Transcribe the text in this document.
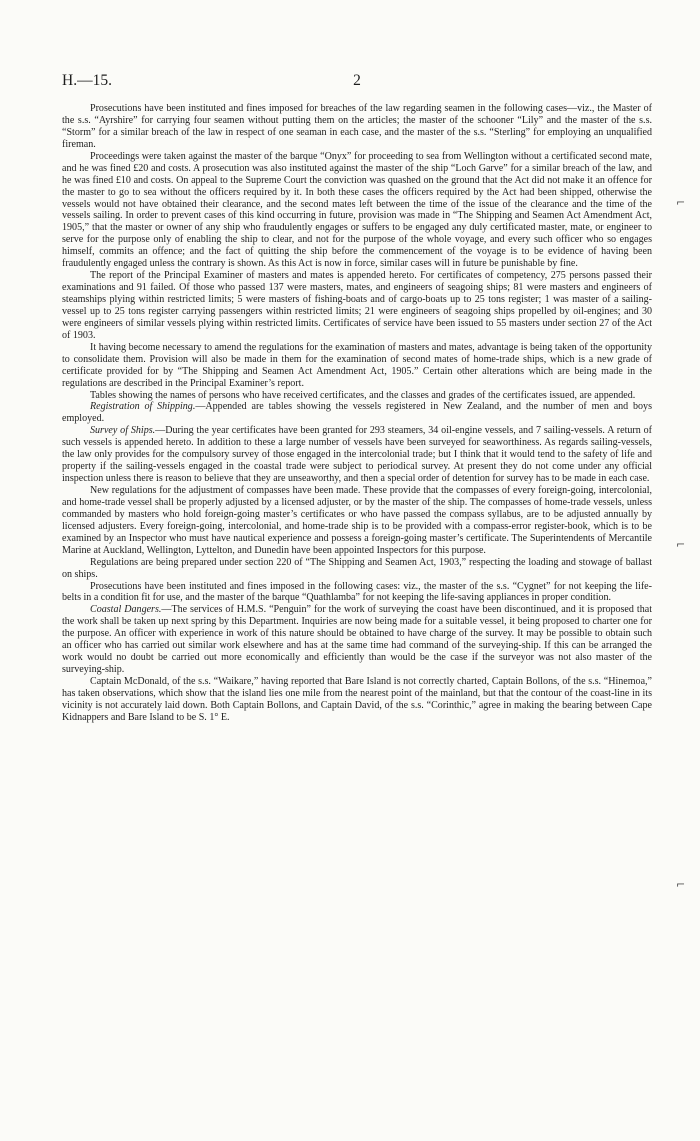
H.—15.	2

Prosecutions have been instituted and fines imposed for breaches of the law regarding seamen in the following cases—viz., the Master of the s.s. “Ayrshire” for carrying four seamen without putting them on the articles; the master of the schooner “Lily” and the master of the s.s. “Storm” for a similar breach of the law in respect of one seaman in each case, and the master of the s.s. “Sterling” for employing an unqualified fireman.

Proceedings were taken against the master of the barque “Onyx” for proceeding to sea from Wellington without a certificated second mate, and he was fined £20 and costs. A prosecution was also instituted against the master of the ship “Loch Garve” for a similar breach of the law, and he was fined £10 and costs. On appeal to the Supreme Court the conviction was quashed on the ground that the Act did not make it an offence for the master to go to sea without the officers required by it. In both these cases the officers required by the Act had been shipped, otherwise the vessels would not have obtained their clearance, and the second mates left between the time of the issue of the clearance and the time of the vessels sailing. In order to prevent cases of this kind occurring in future, provision was made in “The Shipping and Seamen Act Amendment Act, 1905,” that the master or owner of any ship who fraudulently engages or suffers to be engaged any duly certificated master, mate, or engineer to serve for the purpose only of enabling the ship to clear, and not for the purpose of the whole voyage, and every such officer who so engages himself, commits an offence; and the fact of quitting the ship before the commencement of the voyage is to be evidence of having been fraudulently engaged unless the contrary is shown. As this Act is now in force, similar cases will in future be punishable by fine.

The report of the Principal Examiner of masters and mates is appended hereto. For certificates of competency, 275 persons passed their examinations and 91 failed. Of those who passed 137 were masters, mates, and engineers of seagoing ships; 81 were masters and engineers of steamships plying within restricted limits; 5 were masters of fishing-boats and of cargo-boats up to 25 tons register; 1 was master of a sailing-vessel up to 25 tons register carrying passengers within restricted limits; 21 were engineers of seagoing ships propelled by oil-engines; and 30 were engineers of similar vessels plying within restricted limits. Certificates of service have been issued to 55 masters under section 27 of the Act of 1903.

It having become necessary to amend the regulations for the examination of masters and mates, advantage is being taken of the opportunity to consolidate them. Provision will also be made in them for the examination of second mates of home-trade ships, which is a new grade of certificate provided for by “The Shipping and Seamen Act Amendment Act, 1905.” Certain other alterations which are being made in the regulations are described in the Principal Examiner’s report.

Tables showing the names of persons who have received certificates, and the classes and grades of the certificates issued, are appended.

Registration of Shipping.—Appended are tables showing the vessels registered in New Zealand, and the number of men and boys employed.

Survey of Ships.—During the year certificates have been granted for 293 steamers, 34 oil-engine vessels, and 7 sailing-vessels. A return of such vessels is appended hereto. In addition to these a large number of vessels have been surveyed for seaworthiness. As regards sailing-vessels, the law only provides for the compulsory survey of those engaged in the intercolonial trade; but I think that it would tend to the safety of life and property if the sailing-vessels engaged in the coastal trade were subject to periodical survey. At present they do not come under any official inspection unless there is reason to believe that they are unseaworthy, and then a special order of detention for survey has to be made in each case.

New regulations for the adjustment of compasses have been made. These provide that the compasses of every foreign-going, intercolonial, and home-trade vessel shall be properly adjusted by a licensed adjuster, or by the master of the ship. The compasses of home-trade vessels, unless commanded by masters who hold foreign-going master’s certificates or who have passed the compass syllabus, are to be adjusted annually by licensed adjusters. Every foreign-going, intercolonial, and home-trade ship is to be provided with a compass-error register-book, which is to be examined by an Inspector who must have nautical experience and possess a foreign-going master’s certificate. The Superintendents of Mercantile Marine at Auckland, Wellington, Lyttelton, and Dunedin have been appointed Inspectors for this purpose.

Regulations are being prepared under section 220 of “The Shipping and Seamen Act, 1903,” respecting the loading and stowage of ballast on ships.

Prosecutions have been instituted and fines imposed in the following cases: viz., the master of the s.s. “Cygnet” for not keeping the life-belts in a condition fit for use, and the master of the barque “Quathlamba” for not keeping the life-saving appliances in proper condition.

Coastal Dangers.—The services of H.M.S. “Penguin” for the work of surveying the coast have been discontinued, and it is proposed that the work shall be taken up next spring by this Department. Inquiries are now being made for a suitable vessel, it being proposed to charter one for the purpose. An officer with experience in work of this nature should be obtained to have charge of the survey. It may be possible to obtain such an officer who has carried out similar work elsewhere and has at the same time had command of the surveying-ship. If this can be arranged the work would no doubt be carried out more economically and efficiently than would be the case if the surveyor was not also master of the surveying-ship.

Captain McDonald, of the s.s. “Waikare,” having reported that Bare Island is not correctly charted, Captain Bollons, of the s.s. “Hinemoa,” has taken observations, which show that the island lies one mile from the nearest point of the mainland, but that the contour of the coast-line in its vicinity is not accurately laid down. Both Captain Bollons, and Captain David, of the s.s. “Corinthic,” agree in making the bearing between Cape Kidnappers and Bare Island to be S. 1° E.

⌐
⌐
⌐
